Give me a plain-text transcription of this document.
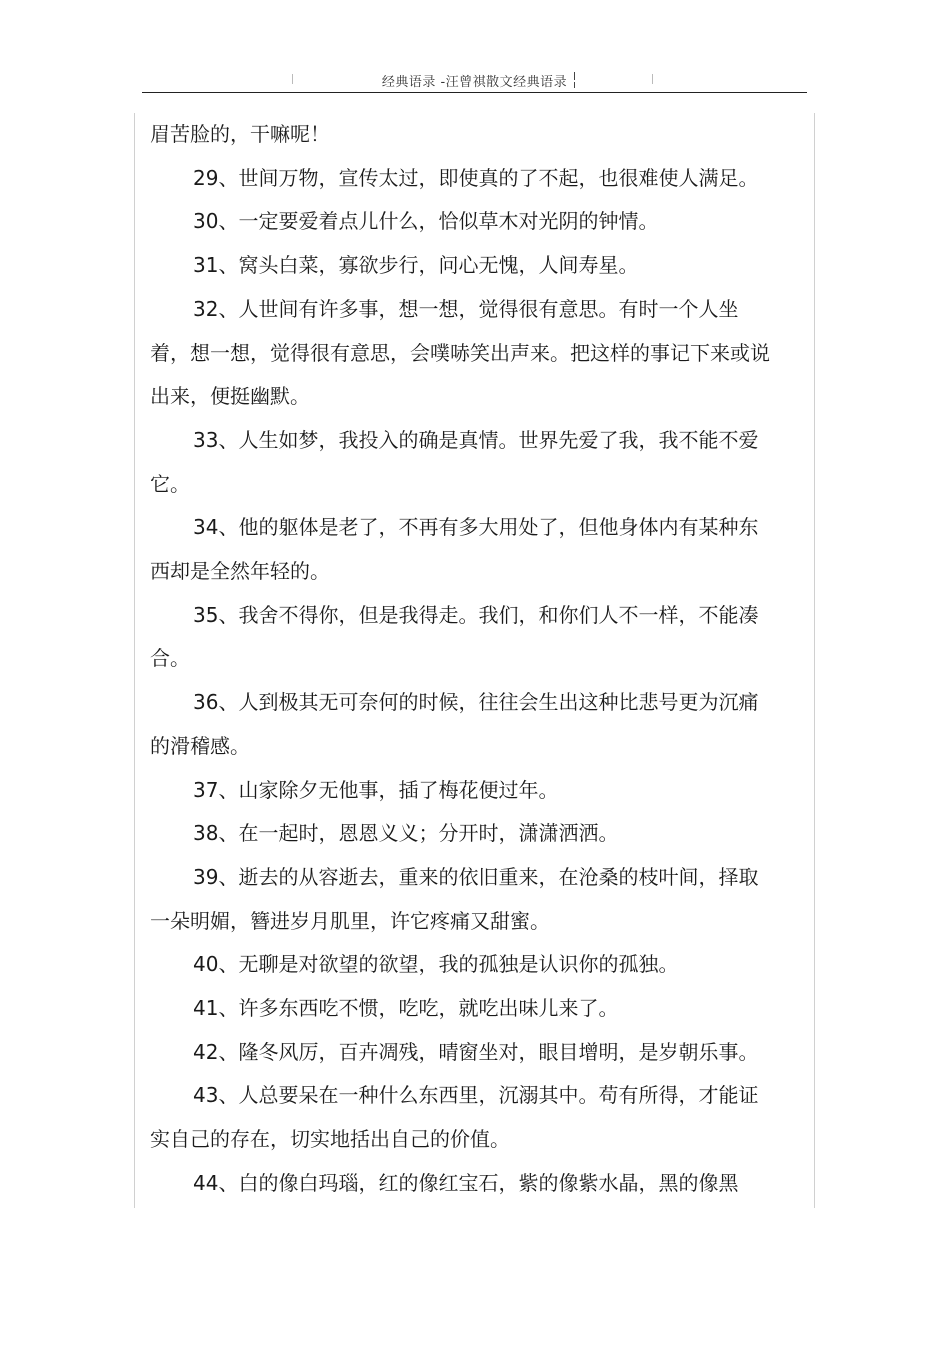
经典语录 -汪曾祺散文经典语录

眉苦脸的，干嘛呢！

29、世间万物，宣传太过，即使真的了不起，也很难使人满足。

30、一定要爱着点儿什么，恰似草木对光阴的钟情。

31、窝头白菜，寡欲步行，问心无愧，人间寿星。

32、人世间有许多事，想一想，觉得很有意思。有时一个人坐着，想一想，觉得很有意思，会噗哧笑出声来。把这样的事记下来或说出来，便挺幽默。

33、人生如梦，我投入的确是真情。世界先爱了我，我不能不爱它。

34、他的躯体是老了，不再有多大用处了，但他身体内有某种东西却是全然年轻的。

35、我舍不得你，但是我得走。我们，和你们人不一样，不能凑合。

36、人到极其无可奈何的时候，往往会生出这种比悲号更为沉痛的滑稽感。

37、山家除夕无他事，插了梅花便过年。

38、在一起时，恩恩义义；分开时，潇潇洒洒。

39、逝去的从容逝去，重来的依旧重来，在沧桑的枝叶间，择取一朵明媚，簪进岁月肌里，许它疼痛又甜蜜。

40、无聊是对欲望的欲望，我的孤独是认识你的孤独。

41、许多东西吃不惯，吃吃，就吃出味儿来了。

42、隆冬风厉，百卉凋残，晴窗坐对，眼目增明，是岁朝乐事。

43、人总要呆在一种什么东西里，沉溺其中。苟有所得，才能证实自己的存在，切实地括出自己的价值。

44、白的像白玛瑙，红的像红宝石，紫的像紫水晶，黑的像黑
